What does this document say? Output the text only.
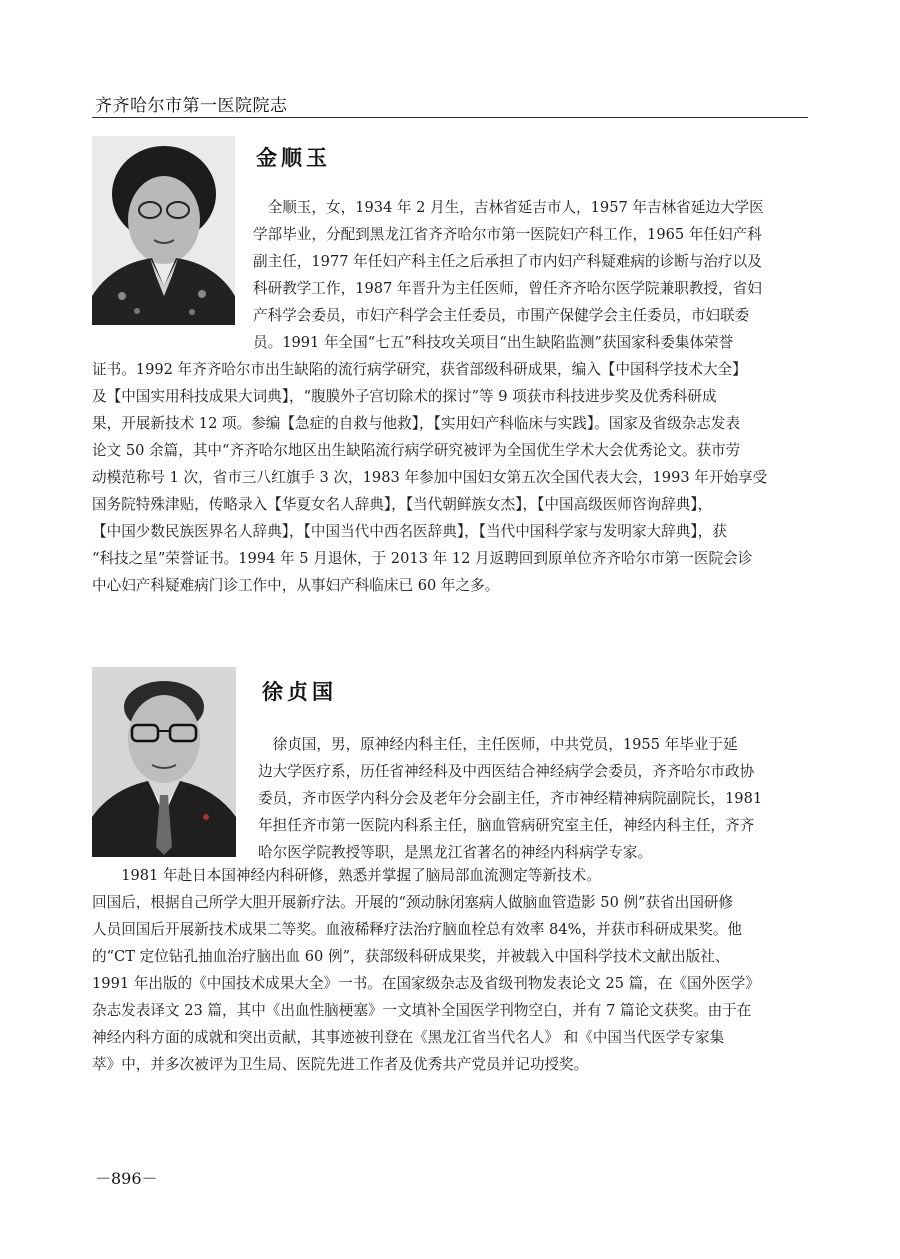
齐齐哈尔市第一医院院志
金顺玉
　全顺玉，女，1934 年 2 月生，吉林省延吉市人，1957 年吉林省延边大学医
学部毕业，分配到黑龙江省齐齐哈尔市第一医院妇产科工作，1965 年任妇产科
副主任，1977 年任妇产科主任之后承担了市内妇产科疑难病的诊断与治疗以及
科研教学工作，1987 年晋升为主任医师，曾任齐齐哈尔医学院兼职教授，省妇
产科学会委员，市妇产科学会主任委员，市围产保健学会主任委员，市妇联委
员。1991 年全国“七五”科技攻关项目“出生缺陷监测”获国家科委集体荣誉
证书。1992 年齐齐哈尔市出生缺陷的流行病学研究，获省部级科研成果，编入【中国科学技术大全】
及【中国实用科技成果大词典】，“腹膜外子宫切除术的探讨”等 9 项获市科技进步奖及优秀科研成
果，开展新技术 12 项。参编【急症的自救与他救】，【实用妇产科临床与实践】。国家及省级杂志发表
论文 50 余篇，其中“齐齐哈尔地区出生缺陷流行病学研究被评为全国优生学术大会优秀论文。获市劳
动模范称号 1 次，省市三八红旗手 3 次，1983 年参加中国妇女第五次全国代表大会，1993 年开始享受
国务院特殊津贴，传略录入【华夏女名人辞典】，【当代朝鲜族女杰】，【中国高级医师咨询辞典】，
【中国少数民族医界名人辞典】，【中国当代中西名医辞典】，【当代中国科学家与发明家大辞典】，获
“科技之星”荣誉证书。1994 年 5 月退休，于 2013 年 12 月返聘回到原单位齐齐哈尔市第一医院会诊
中心妇产科疑难病门诊工作中，从事妇产科临床已 60 年之多。
徐贞国
　徐贞国，男，原神经内科主任，主任医师，中共党员，1955 年毕业于延
边大学医疗系，历任省神经科及中西医结合神经病学会委员，齐齐哈尔市政协
委员，齐市医学内科分会及老年分会副主任，齐市神经精神病院副院长，1981
年担任齐市第一医院内科系主任，脑血管病研究室主任，神经内科主任，齐齐
哈尔医学院教授等职，是黑龙江省著名的神经内科病学专家。
　　1981 年赴日本国神经内科研修，熟悉并掌握了脑局部血流测定等新技术。
回国后，根据自己所学大胆开展新疗法。开展的“颈动脉闭塞病人做脑血管造影 50 例”获省出国研修
人员回国后开展新技术成果二等奖。血液稀释疗法治疗脑血栓总有效率 84%，并获市科研成果奖。他
的“CT 定位钻孔抽血治疗脑出血 60 例”，获部级科研成果奖，并被载入中国科学技术文献出版社、
1991 年出版的《中国技术成果大全》一书。在国家级杂志及省级刊物发表论文 25 篇，在《国外医学》
杂志发表译文 23 篇，其中《出血性脑梗塞》一文填补全国医学刊物空白，并有 7 篇论文获奖。由于在
神经内科方面的成就和突出贡献，其事迹被刊登在《黑龙江省当代名人》 和《中国当代医学专家集
萃》中，并多次被评为卫生局、医院先进工作者及优秀共产党员并记功授奖。
－896－
